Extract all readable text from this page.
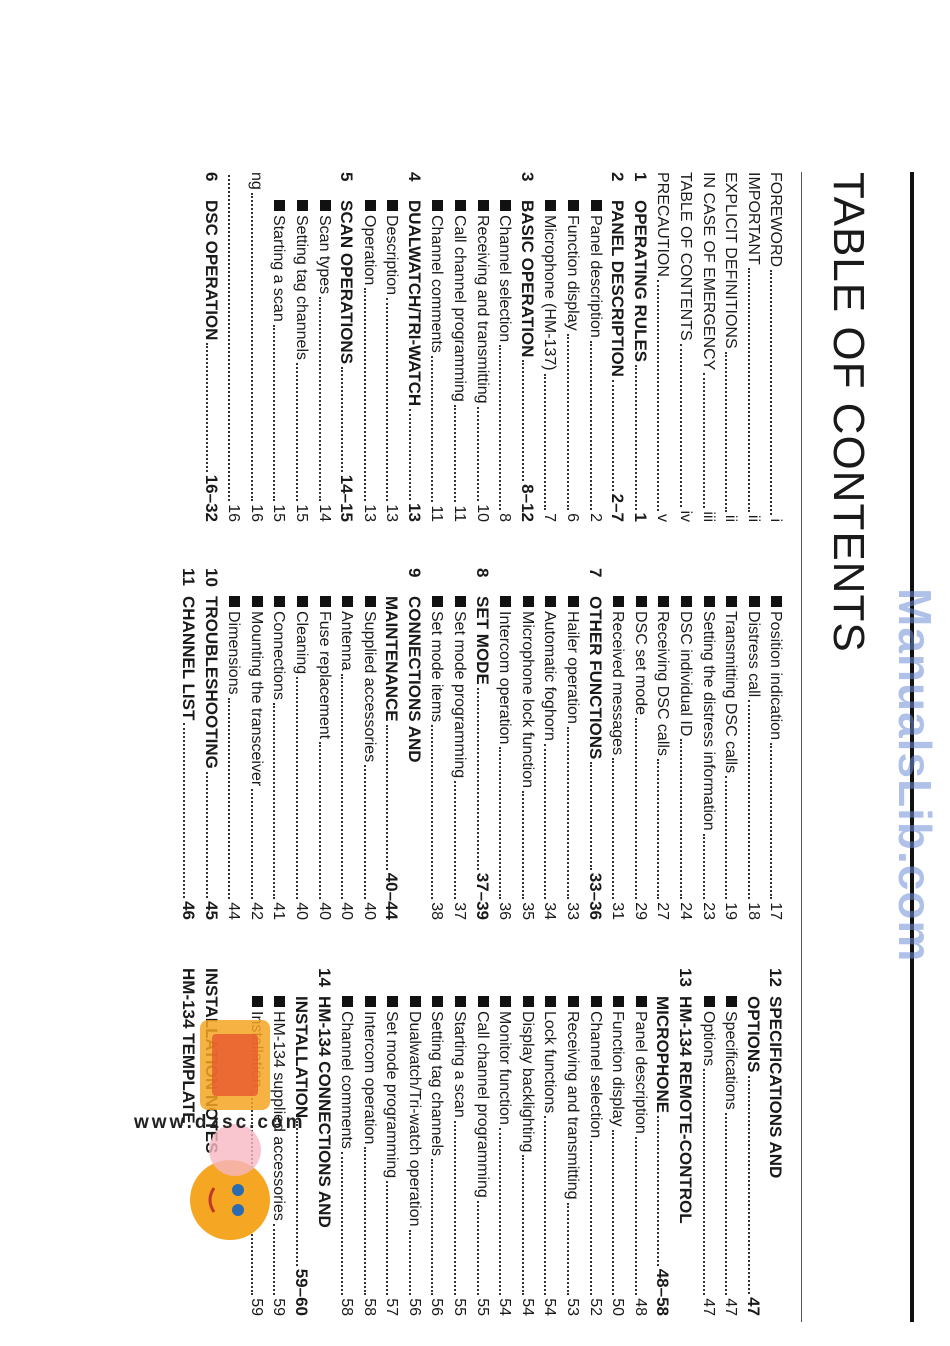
TABLE OF CONTENTS
FOREWORD
i
IMPORTANT
ii
EXPLICIT DEFINITIONS
ii
IN CASE OF EMERGENCY
iii
TABLE OF CONTENTS
iv
PRECAUTION
v
1OPERATING RULES
1
2PANEL DESCRIPTION
2–7
Panel description
2
Function display
6
Microphone (HM-137)
7
3BASIC OPERATION
8–12
Channel selection
8
Receiving and transmitting
10
Call channel programming
11
Channel comments
11
4DUALWATCH/TRI-WATCH
13
Description
13
Operation
13
5SCAN OPERATIONS
14–15
Scan types
14
Setting tag channels
15
Starting a scan
15
ng
16
16
6DSC OPERATION
16–32
Position indication
17
Distress call
18
Transmitting DSC calls
19
Setting the distress information
23
DSC individual ID
24
Receiving DSC calls
27
DSC set mode
29
Received messages
31
7OTHER FUNCTIONS
33–36
Hailer operation
33
Automatic foghorn
34
Microphone lock function
35
Intercom operation
36
8SET MODE
37–39
Set mode programming
37
Set mode items
38
9CONNECTIONS AND
MAINTENANCE
40–44
Supplied accessories
40
Antenna
40
Fuse replacement
40
Cleaning
40
Connections
41
Mounting the transceiver
42
Dimensions
44
10TROUBLESHOOTING
45
11CHANNEL LIST
46
12SPECIFICATIONS AND
OPTIONS
47
Specifications
47
Options
47
13HM-134 REMOTE-CONTROL
MICROPHONE
48–58
Panel description
48
Function display
50
Channel selection
52
Receiving and transmitting
53
Lock functions
54
Display backlighting
54
Monitor function
54
Call channel programming
55
Starting a scan
55
Setting tag channels
56
Dualwatch/Tri-watch operation
56
Set mode programming
57
Intercom operation
58
Channel comments
58
14HM-134 CONNECTIONS AND
INSTALLATION
59–60
HM-134 supplied accessories
59
59
HM-134 TEMPLATE
ManualsLib.com
www.dzsc.com
